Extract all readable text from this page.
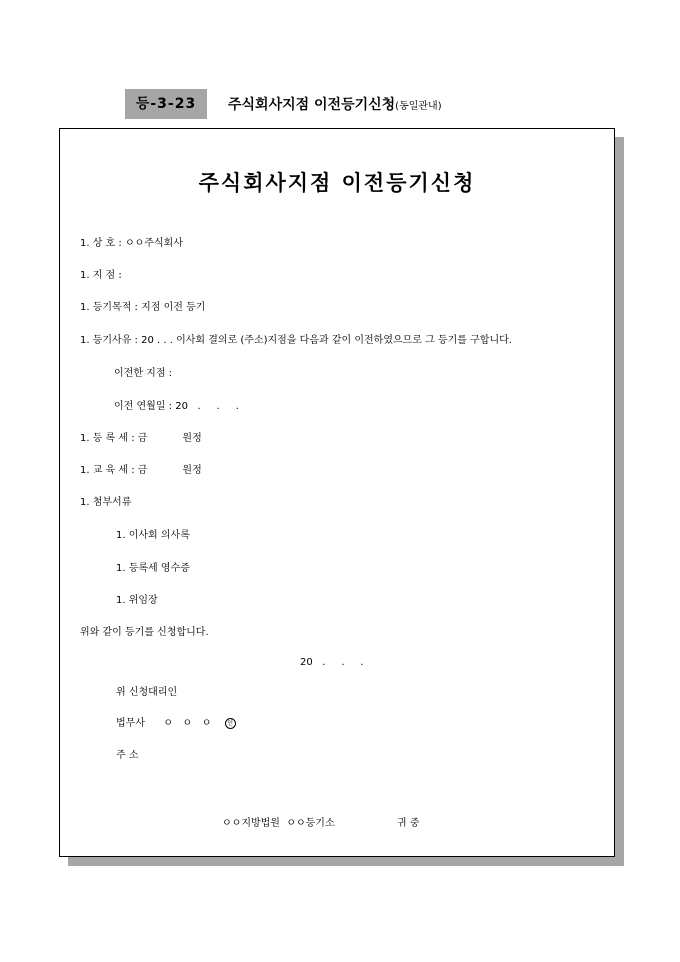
등-3-23	주식회사지점 이전등기신청(동일관내)
주식회사지점 이전등기신청
1. 상 호 : ㅇㅇ주식회사
1. 지 점 :
1. 등기목적 : 지점 이전 등기
1. 등기사유 : 20 . . . 이사회 결의로 (주소)지점을 다음과 같이 이전하였으므로 그 등기를 구합니다.
이전한 지점 :
이전 연월일 : 20   .     .     .
1. 등 록 세 : 금           원정
1. 교 육 세 : 금           원정
1. 첨부서류
1. 이사회 의사록
1. 등록세 영수증
1. 위임장
위와 같이 등기를 신청합니다.
20   .     .     .
위 신청대리인
법무사 ㅇ   ㅇ   ㅇ	인
주 소
ㅇㅇ지방법원  ㅇㅇ등기소	귀 중
